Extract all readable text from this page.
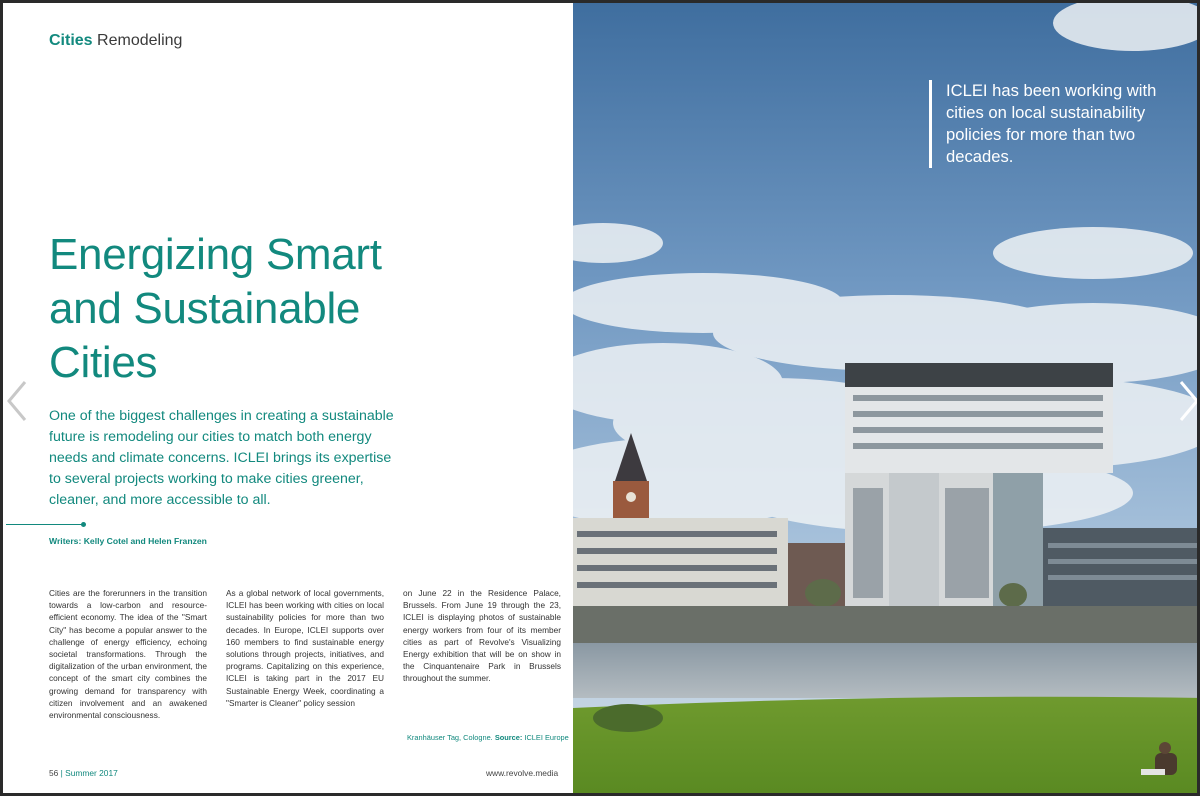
Cities Remodeling
Energizing Smart
and Sustainable
Cities

One of the biggest challenges in creating a sustainable future is remodeling our cities to match both energy needs and climate concerns. ICLEI brings its expertise to several projects working to make cities greener, cleaner, and more accessible to all.

Writers: Kelly Cotel and Helen Franzen

Cities are the forerunners in the transition towards a low-carbon and resource-efficient economy. The idea of the "Smart City" has become a popular answer to the challenge of energy efficiency, echoing societal transformations. Through the digitalization of the urban environment, the concept of the smart city combines the growing demand for transparency with citizen involvement and an awakened environmental consciousness.

As a global network of local governments, ICLEI has been working with cities on local sustainability policies for more than two decades. In Europe, ICLEI supports over 160 members to find sustainable energy solutions through projects, initiatives, and programs. Capitalizing on this experience, ICLEI is taking part in the 2017 EU Sustainable Energy Week, coordinating a "Smarter is Cleaner" policy session

on June 22 in the Residence Palace, Brussels. From June 19 through the 23, ICLEI is displaying photos of sustainable energy workers from four of its member cities as part of Revolve's Visualizing Energy exhibition that will be on show in the Cinquantenaire Park in Brussels throughout the summer.

Kranhäuser Tag, Cologne. Source: ICLEI Europe
56 | Summer 2017	www.revolve.media
ICLEI has been working with cities on local sustainability policies for more than two decades.
